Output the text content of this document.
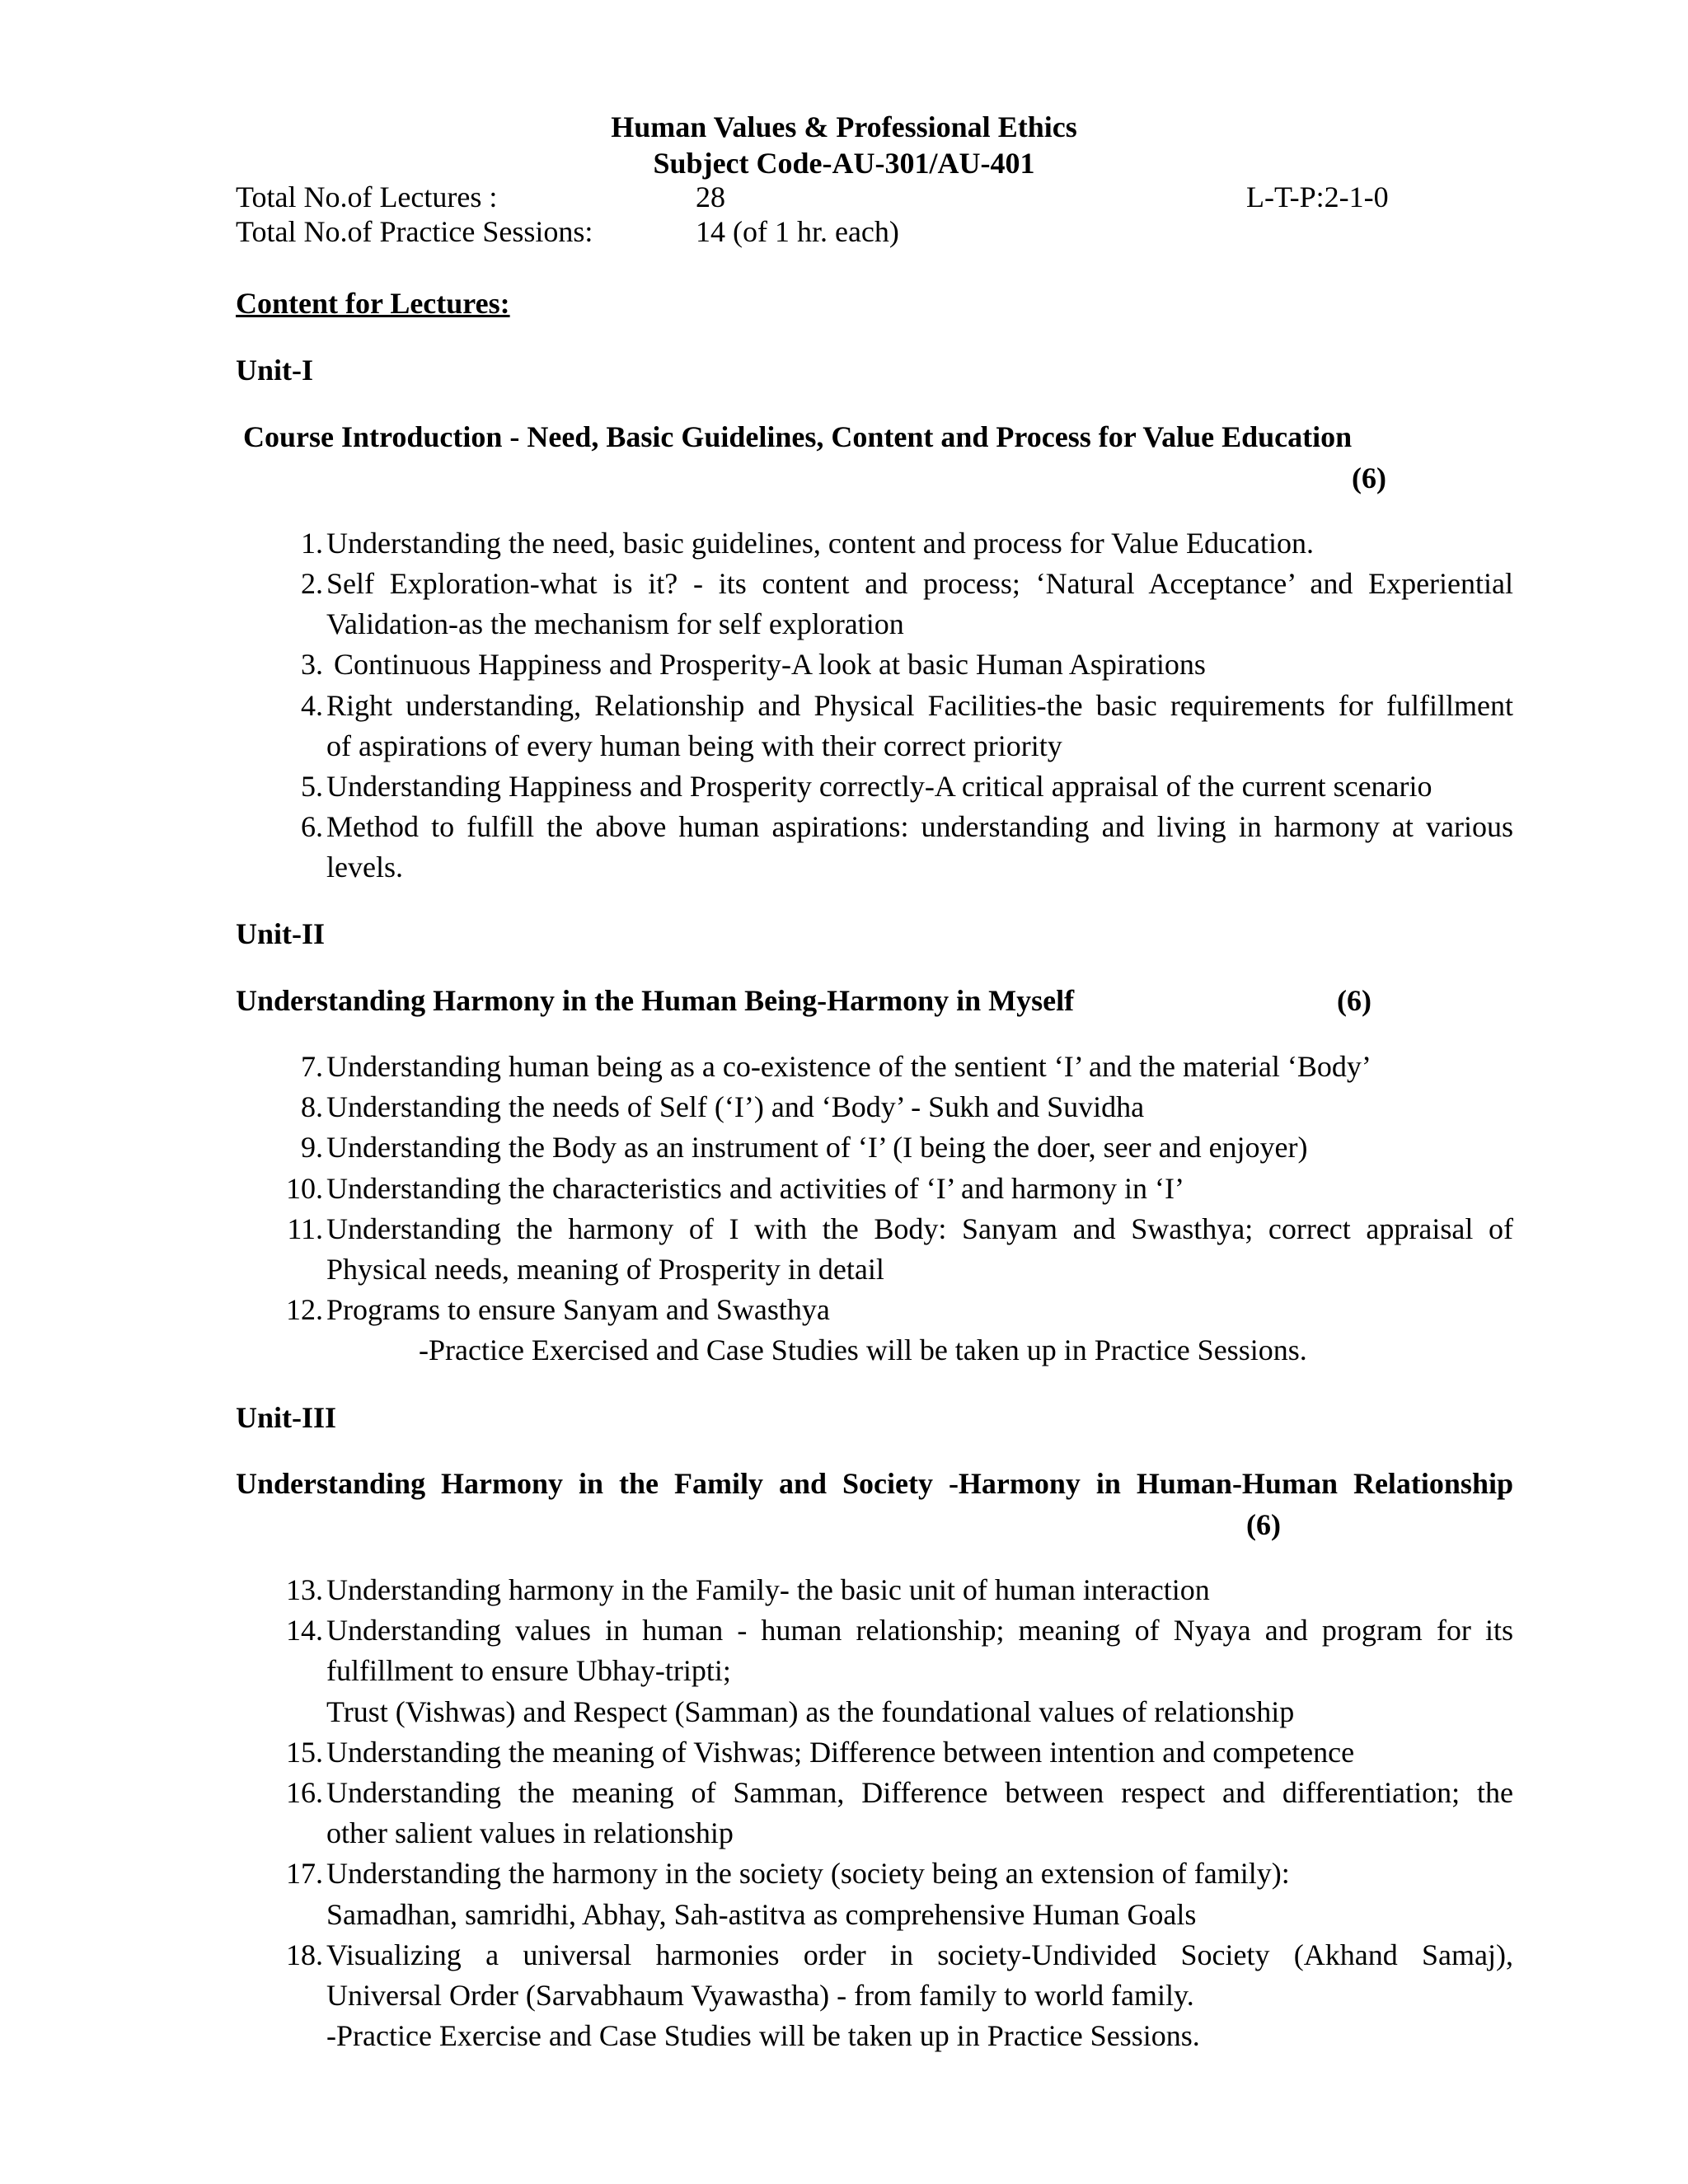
Human Values & Professional Ethics
Subject Code-AU-301/AU-401
Total No.of Lectures :	28	L-T-P:2-1-0
Total No.of Practice Sessions:	14 (of 1 hr. each)
Content for Lectures:
Unit-I
Course Introduction - Need, Basic Guidelines, Content and Process for Value Education
(6)
1. Understanding the need, basic guidelines, content and process for Value Education.
2. Self Exploration-what is it? - its content and process; ‘Natural Acceptance’ and Experiential
Validation-as the mechanism for self exploration
3. Continuous Happiness and Prosperity-A look at basic Human Aspirations
4. Right understanding, Relationship and Physical Facilities-the basic requirements for fulfillment
of aspirations of every human being with their correct priority
5. Understanding Happiness and Prosperity correctly-A critical appraisal of the current scenario
6. Method to fulfill the above human aspirations: understanding and living in harmony at various
levels.
Unit-II
Understanding Harmony in the Human Being-Harmony in Myself	(6)
7. Understanding human being as a co-existence of the sentient ‘I’ and the material ‘Body’
8. Understanding the needs of Self (‘I’) and ‘Body’ - Sukh and Suvidha
9. Understanding the Body as an instrument of ‘I’ (I being the doer, seer and enjoyer)
10. Understanding the characteristics and activities of ‘I’ and harmony in ‘I’
11. Understanding the harmony of I with the Body: Sanyam and Swasthya; correct appraisal of
Physical needs, meaning of Prosperity in detail
12. Programs to ensure Sanyam and Swasthya
-Practice Exercised and Case Studies will be taken up in Practice Sessions.
Unit-III
Understanding Harmony in the Family and Society -Harmony in Human-Human Relationship
(6)
13. Understanding harmony in the Family- the basic unit of human interaction
14. Understanding values in human - human relationship; meaning of Nyaya and program for its
fulfillment to ensure Ubhay-tripti;
Trust (Vishwas) and Respect (Samman) as the foundational values of relationship
15. Understanding the meaning of Vishwas; Difference between intention and competence
16. Understanding the meaning of Samman, Difference between respect and differentiation; the
other salient values in relationship
17. Understanding the harmony in the society (society being an extension of family):
Samadhan, samridhi, Abhay, Sah-astitva as comprehensive Human Goals
18. Visualizing a universal harmonies order in society-Undivided Society (Akhand Samaj),
Universal Order (Sarvabhaum Vyawastha) - from family to world family.
-Practice Exercise and Case Studies will be taken up in Practice Sessions.
